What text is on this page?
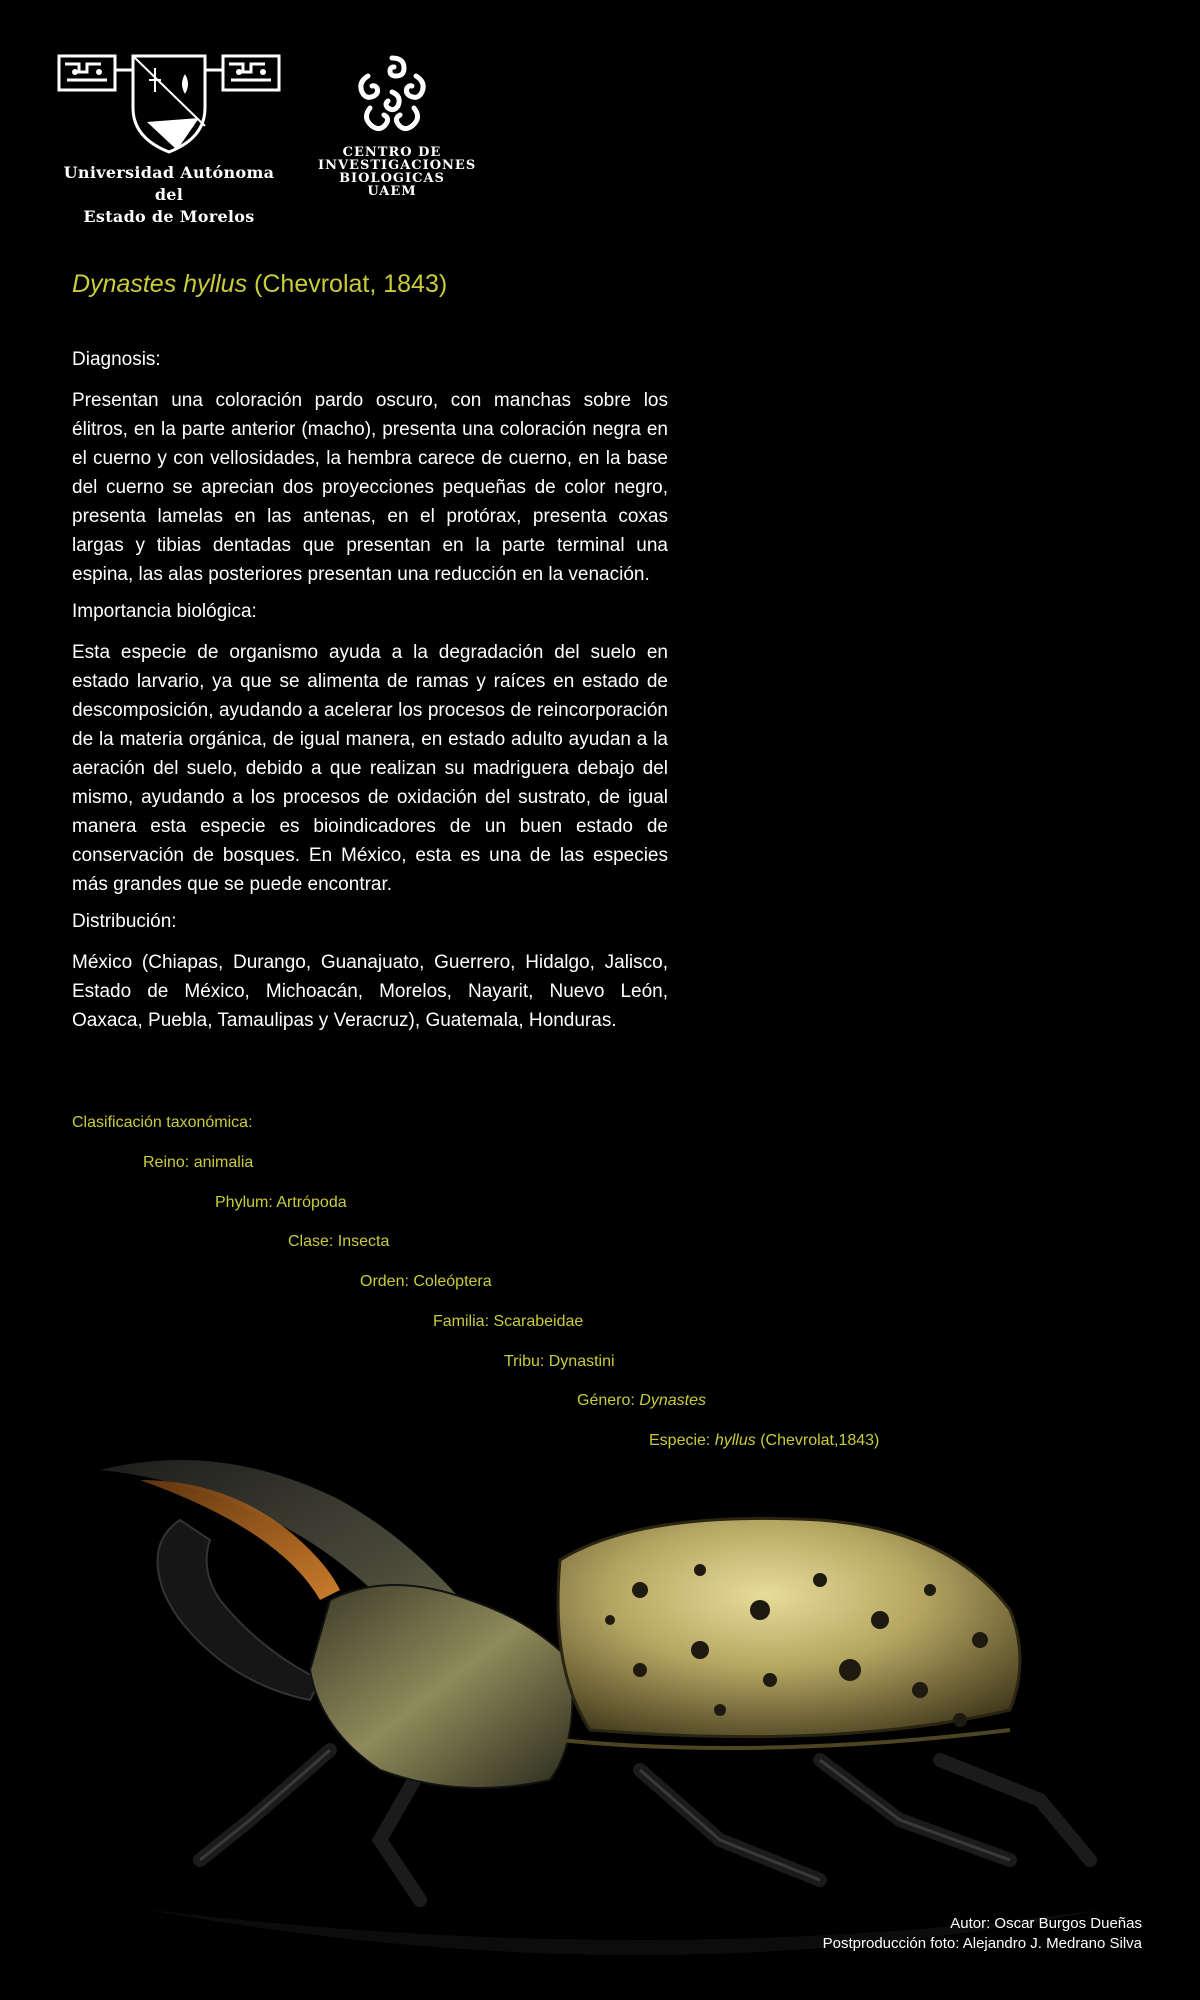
Universidad Autónoma del
Estado de Morelos
CENTRO DE
INVESTIGACIONES
BIOLOGICAS
UAEM
Dynastes hyllus (Chevrolat, 1843)
Diagnosis:

Presentan una coloración pardo oscuro, con manchas sobre los élitros, en la parte anterior (macho), presenta una coloración negra en el cuerno y con vellosidades, la hembra carece de cuerno, en la base del cuerno se aprecian dos proyecciones pequeñas de color negro, presenta lamelas en las antenas, en el protórax, presenta coxas largas y tibias dentadas que presentan en la parte terminal una espina, las alas posteriores presentan una reducción en la venación.

Importancia biológica:

Esta especie de organismo ayuda a la degradación del suelo en estado larvario, ya que se alimenta de ramas y raíces en estado de descomposición, ayudando a acelerar los procesos de reincorporación de la materia orgánica, de igual manera, en estado adulto ayudan a la aeración del suelo, debido a que realizan su madriguera debajo del mismo, ayudando a los procesos de oxidación del sustrato, de igual manera esta especie es bioindicadores de un buen estado de conservación de bosques. En México, esta es una de las especies más grandes que se puede encontrar.

Distribución:

México (Chiapas, Durango, Guanajuato, Guerrero, Hidalgo, Jalisco, Estado de México, Michoacán, Morelos, Nayarit, Nuevo León, Oaxaca, Puebla, Tamaulipas y Veracruz), Guatemala, Honduras.

Clasificación taxonómica:
Reino: animalia
Phylum: Artrópoda
Clase: Insecta
Orden: Coleóptera
Familia: Scarabeidae
Tribu: Dynastini
Género: Dynastes
Especie: hyllus (Chevrolat,1843)
Autor: Oscar Burgos Dueñas
Postproducción foto: Alejandro J. Medrano Silva
